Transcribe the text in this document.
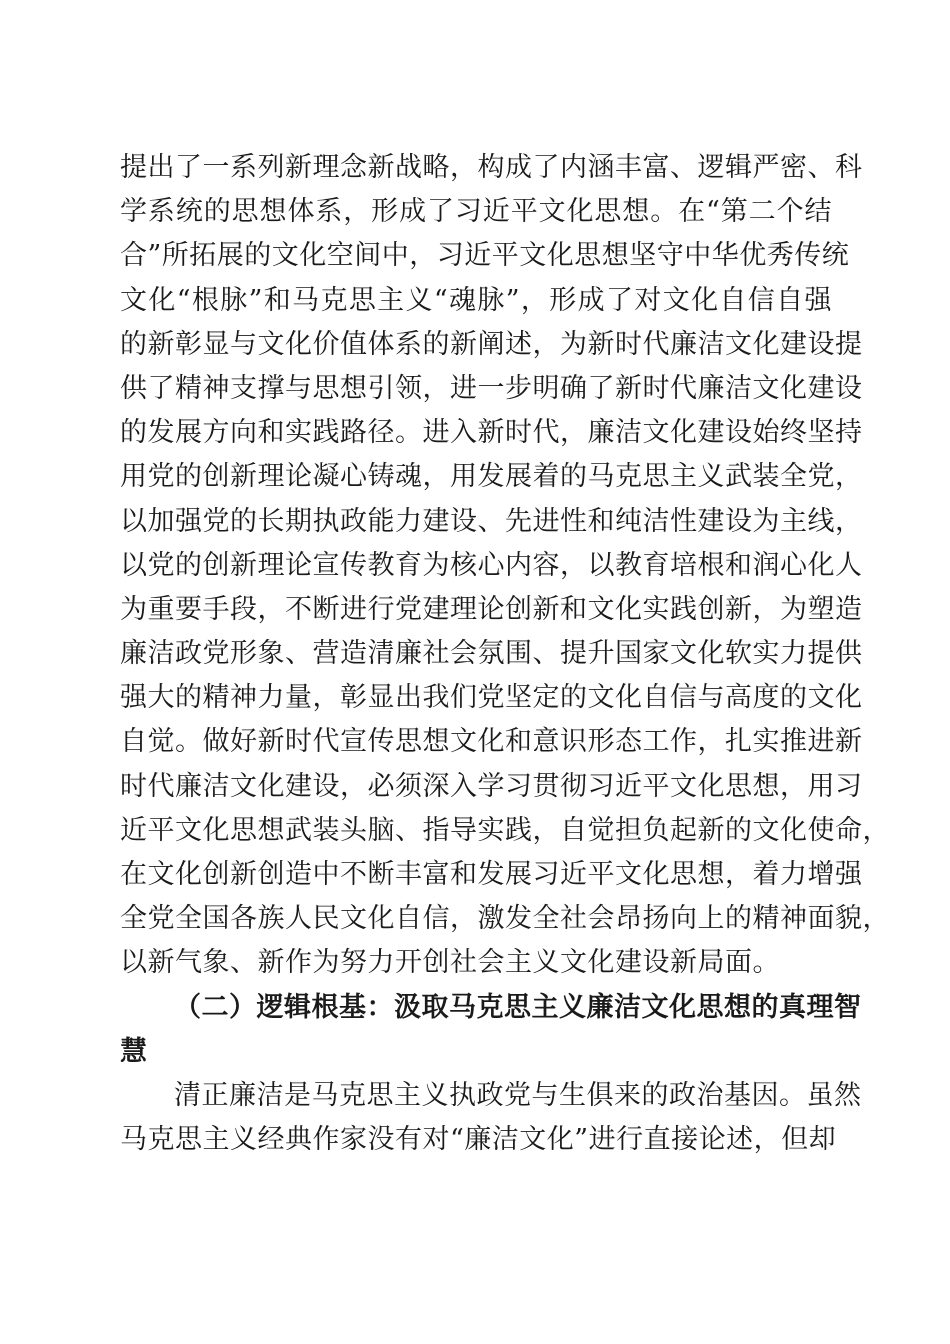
提出了一系列新理念新战略，构成了内涵丰富、逻辑严密、科
学系统的思想体系，形成了习近平文化思想。在“第二个结
合”所拓展的文化空间中，习近平文化思想坚守中华优秀传统
文化“根脉”和马克思主义“魂脉”，形成了对文化自信自强
的新彰显与文化价值体系的新阐述，为新时代廉洁文化建设提
供了精神支撑与思想引领，进一步明确了新时代廉洁文化建设
的发展方向和实践路径。进入新时代，廉洁文化建设始终坚持
用党的创新理论凝心铸魂，用发展着的马克思主义武装全党，
以加强党的长期执政能力建设、先进性和纯洁性建设为主线，
以党的创新理论宣传教育为核心内容，以教育培根和润心化人
为重要手段，不断进行党建理论创新和文化实践创新，为塑造
廉洁政党形象、营造清廉社会氛围、提升国家文化软实力提供
强大的精神力量，彰显出我们党坚定的文化自信与高度的文化
自觉。做好新时代宣传思想文化和意识形态工作，扎实推进新
时代廉洁文化建设，必须深入学习贯彻习近平文化思想，用习
近平文化思想武装头脑、指导实践，自觉担负起新的文化使命，
在文化创新创造中不断丰富和发展习近平文化思想，着力增强
全党全国各族人民文化自信，激发全社会昂扬向上的精神面貌，
以新气象、新作为努力开创社会主义文化建设新局面。
（二）逻辑根基：汲取马克思主义廉洁文化思想的真理智
慧
清正廉洁是马克思主义执政党与生俱来的政治基因。虽然
马克思主义经典作家没有对“廉洁文化”进行直接论述，但却
